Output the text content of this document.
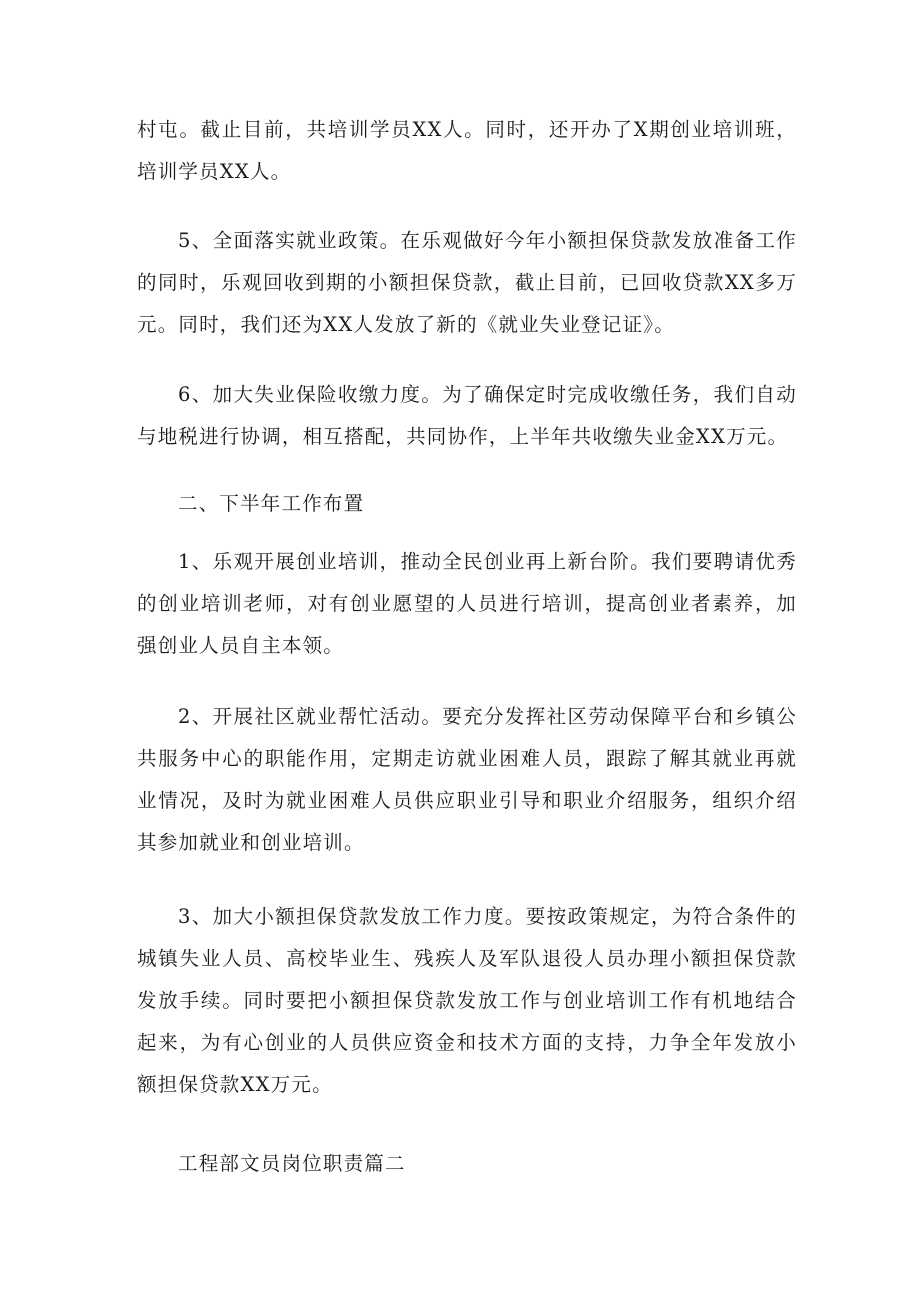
村屯。截止目前，共培训学员XX人。同时，还开办了X期创业培训班，培训学员XX人。

5、全面落实就业政策。在乐观做好今年小额担保贷款发放准备工作的同时，乐观回收到期的小额担保贷款，截止目前，已回收贷款XX多万元。同时，我们还为XX人发放了新的《就业失业登记证》。

6、加大失业保险收缴力度。为了确保定时完成收缴任务，我们自动与地税进行协调，相互搭配，共同协作，上半年共收缴失业金XX万元。

二、下半年工作布置

1、乐观开展创业培训，推动全民创业再上新台阶。我们要聘请优秀的创业培训老师，对有创业愿望的人员进行培训，提高创业者素养，加强创业人员自主本领。

2、开展社区就业帮忙活动。要充分发挥社区劳动保障平台和乡镇公共服务中心的职能作用，定期走访就业困难人员，跟踪了解其就业再就业情况，及时为就业困难人员供应职业引导和职业介绍服务，组织介绍其参加就业和创业培训。

3、加大小额担保贷款发放工作力度。要按政策规定，为符合条件的城镇失业人员、高校毕业生、残疾人及军队退役人员办理小额担保贷款发放手续。同时要把小额担保贷款发放工作与创业培训工作有机地结合起来，为有心创业的人员供应资金和技术方面的支持，力争全年发放小额担保贷款XX万元。

工程部文员岗位职责篇二
